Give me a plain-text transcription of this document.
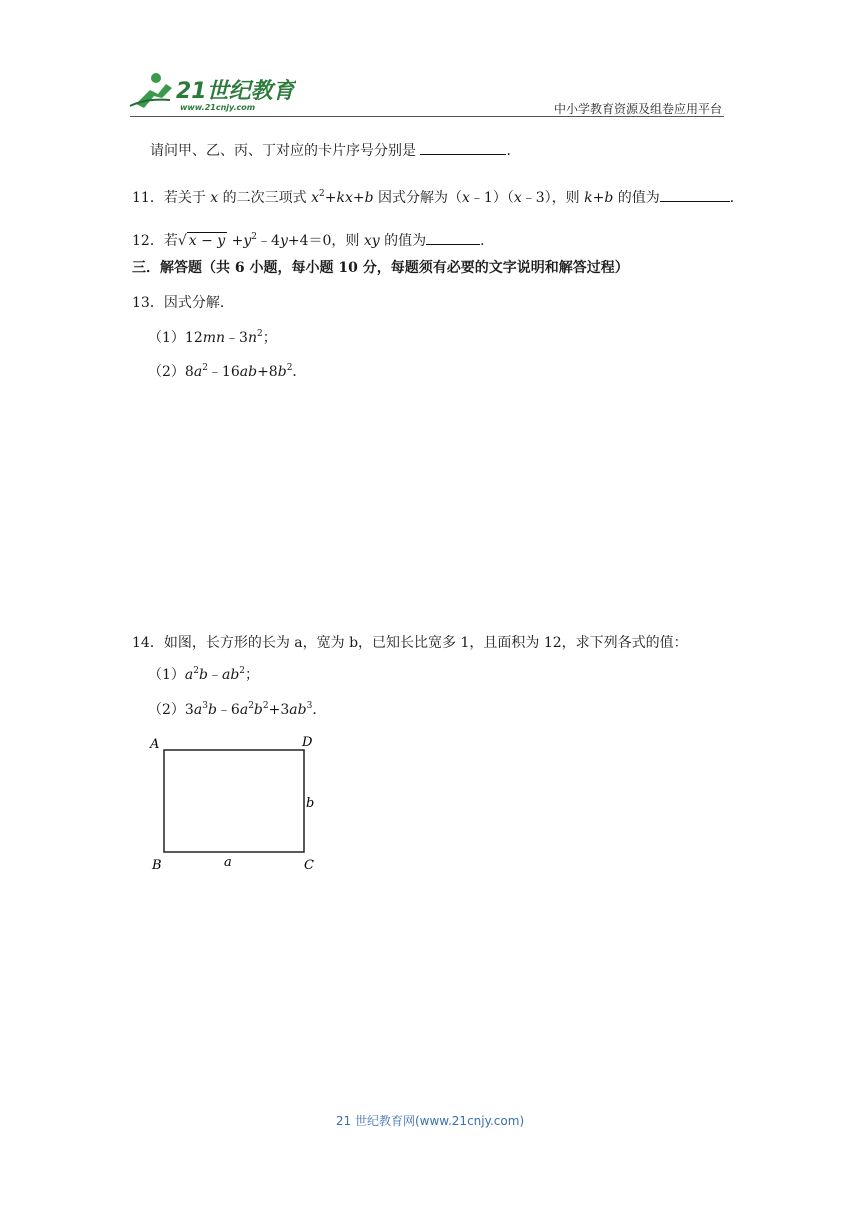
21世纪教育
www.21cnjy.com	中小学教育资源及组卷应用平台
请问甲、乙、丙、丁对应的卡片序号分别是	．
11．若关于 x 的二次三项式 $x^2+kx+b$ 因式分解为（x﹣1）（x﹣3），则 k+b 的值为	．
12．若√ $x - y +y^2﹣4y+4=0$，则 xy 的值为	．
三．解答题（共 6 小题，每小题 10 分，每题须有必要的文字说明和解答过程）
13．因式分解．
$(1)12mn﹣3n^2$；
$(2)8a^2﹣16ab+8b^2$．
14．如图，长方形的长为 a，宽为 b，已知长比宽多 1，且面积为 12，求下列各式的值：
$(1)a^2b﹣ab^2$；
$(2)3a^3b﹣6a^2b^2+3ab^3$．
A	D
B	C
a
b
21 世纪教育网(www.21cnjy.com)
